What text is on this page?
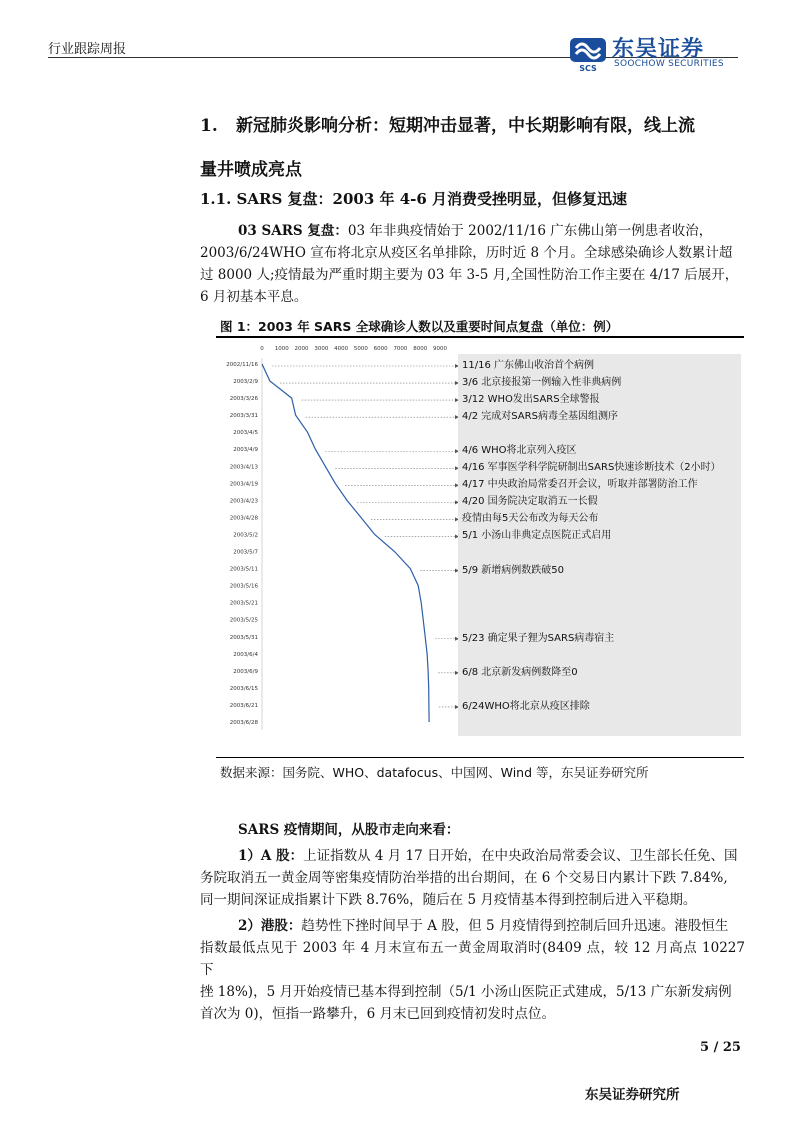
行业跟踪周报
SCS
东吴证券
SOOCHOW SECURITIES
1. 新冠肺炎影响分析：短期冲击显著，中长期影响有限，线上流
量井喷成亮点
1.1. SARS 复盘：2003 年 4-6 月消费受挫明显，但修复迅速
03 SARS 复盘：03 年非典疫情始于 2002/11/16 广东佛山第一例患者收治，
2003/6/24WHO 宣布将北京从疫区名单排除，历时近 8 个月。全球感染确诊人数累计超
过 8000 人;疫情最为严重时期主要为 03 年 3-5 月,全国性防治工作主要在 4/17 后展开，
6 月初基本平息。
图 1：2003 年 SARS 全球确诊人数以及重要时间点复盘（单位：例）
0 1000 2000 3000 4000 5000 6000 7000 8000 9000
2002/11/16
2003/2/9
2003/3/26
2003/3/31
2003/4/5
2003/4/9
2003/4/13
2003/4/19
2003/4/23
2003/4/28
2003/5/2
2003/5/7
2003/5/11
2003/5/16
2003/5/21
2003/5/25
2003/5/31
2003/6/4
2003/6/9
2003/6/15
2003/6/21
2003/6/28
11/16 广东佛山收治首个病例
3/6 北京接报第一例输入性非典病例
3/12 WHO发出SARS全球警报
4/2 完成对SARS病毒全基因组测序
4/6 WHO将北京列入疫区
4/16 军事医学科学院研制出SARS快速诊断技术（2小时）
4/17 中央政治局常委召开会议，听取并部署防治工作
4/20 国务院决定取消五一长假
疫情由每5天公布改为每天公布
5/1 小汤山非典定点医院正式启用
5/9 新增病例数跌破50
5/23 确定果子狸为SARS病毒宿主
6/8 北京新发病例数降至0
6/24WHO将北京从疫区排除
数据来源：国务院、WHO、datafocus、中国网、Wind 等，东吴证券研究所
SARS 疫情期间，从股市走向来看：
1）A 股：上证指数从 4 月 17 日开始，在中央政治局常委会议、卫生部长任免、国
务院取消五一黄金周等密集疫情防治举措的出台期间，在 6 个交易日内累计下跌 7.84%,
同一期间深证成指累计下跌 8.76%，随后在 5 月疫情基本得到控制后进入平稳期。
2）港股：趋势性下挫时间早于 A 股，但 5 月疫情得到控制后回升迅速。港股恒生
指数最低点见于 2003 年 4 月末宣布五一黄金周取消时(8409 点，较 12 月高点 10227 下
挫 18%)，5 月开始疫情已基本得到控制（5/1 小汤山医院正式建成，5/13 广东新发病例
首次为 0)，恒指一路攀升，6 月末已回到疫情初发时点位。
5 / 25
东吴证券研究所
